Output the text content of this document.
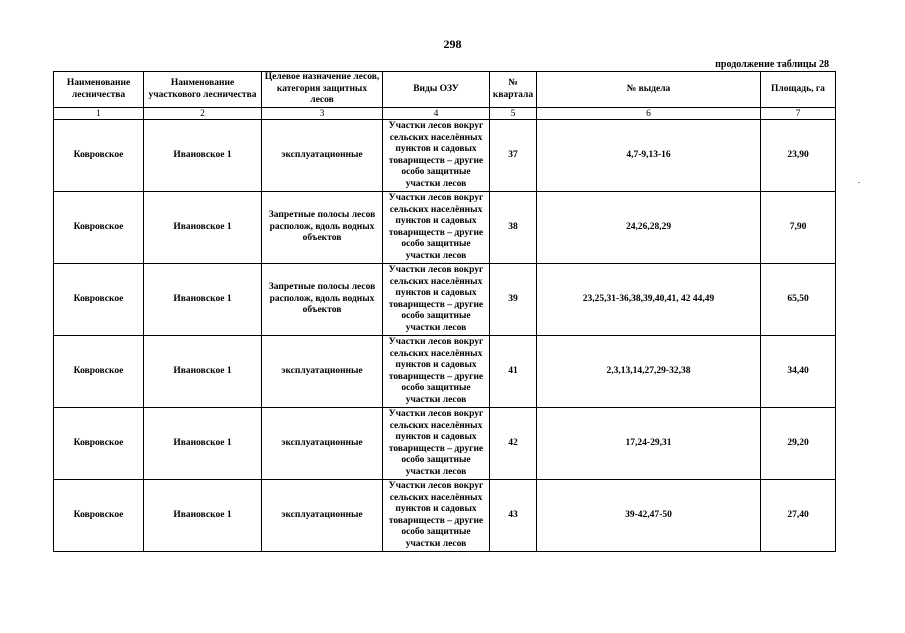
298
продолжение таблицы 28
Наименование лесничества	Наименование участкового лесничества	Целевое назначение лесов, категория защитных лесов	Виды ОЗУ	№ квартала	№ выдела	Площадь, га
1	2	3	4	5	6	7
Ковровское	Ивановское 1	эксплуатационные	Участки лесов вокруг сельских населённых пунктов и садовых товариществ – другие особо защитные участки лесов	37	4,7-9,13-16	23,90
Ковровское	Ивановское 1	Запретные полосы лесов располож, вдоль водных объектов	Участки лесов вокруг сельских населённых пунктов и садовых товариществ – другие особо защитные участки лесов	38	24,26,28,29	7,90
Ковровское	Ивановское 1	Запретные полосы лесов располож, вдоль водных объектов	Участки лесов вокруг сельских населённых пунктов и садовых товариществ – другие особо защитные участки лесов	39	23,25,31-36,38,39,40,41, 42 44,49	65,50
Ковровское	Ивановское 1	эксплуатационные	Участки лесов вокруг сельских населённых пунктов и садовых товариществ – другие особо защитные участки лесов	41	2,3,13,14,27,29-32,38	34,40
Ковровское	Ивановское 1	эксплуатационные	Участки лесов вокруг сельских населённых пунктов и садовых товариществ – другие особо защитные участки лесов	42	17,24-29,31	29,20
Ковровское	Ивановское 1	эксплуатационные	Участки лесов вокруг сельских населённых пунктов и садовых товариществ – другие особо защитные участки лесов	43	39-42,47-50	27,40
